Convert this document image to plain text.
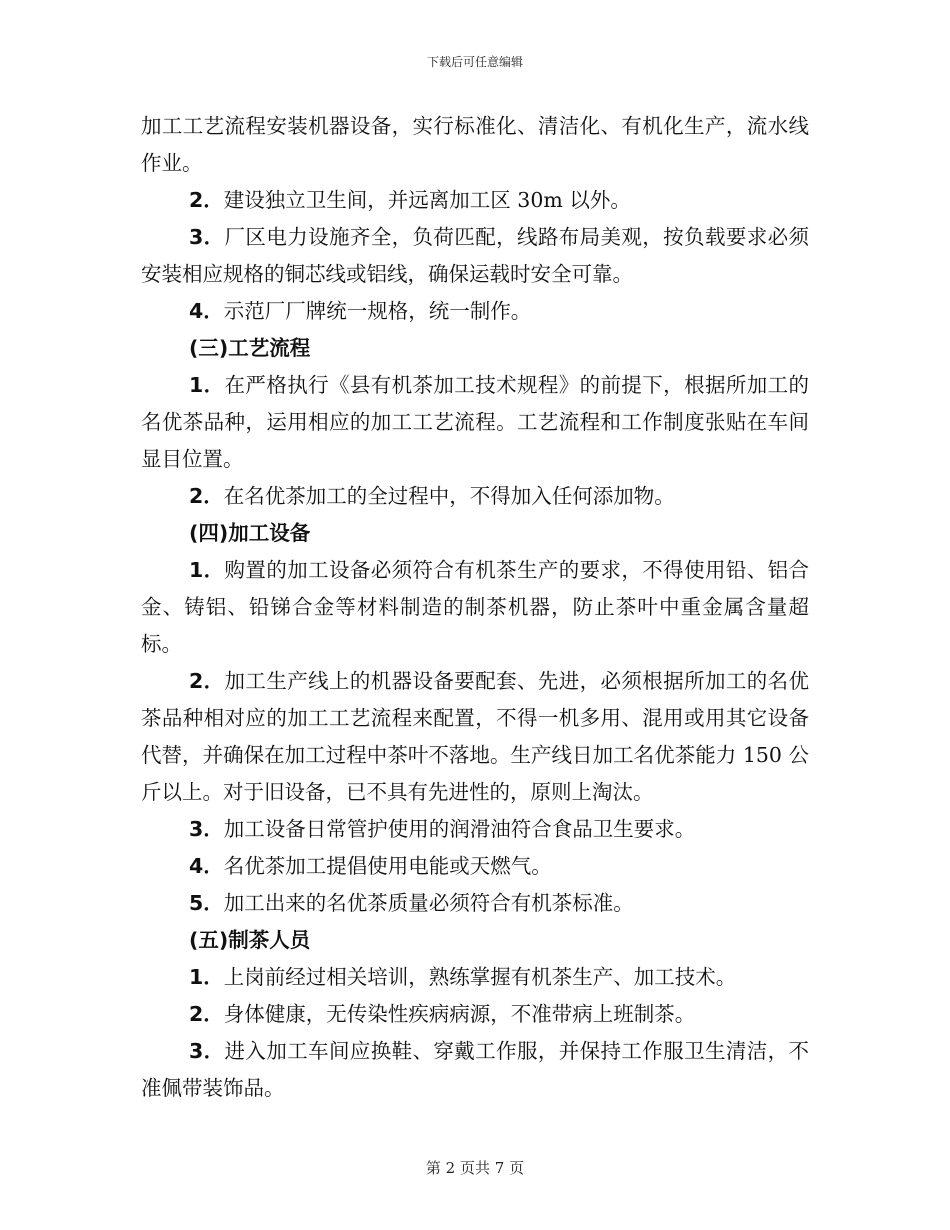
下载后可任意编辑

加工工艺流程安装机器设备，实行标准化、清洁化、有机化生产，流水线作业。

2．建设独立卫生间，并远离加工区 30m 以外。

3．厂区电力设施齐全，负荷匹配，线路布局美观，按负载要求必须安装相应规格的铜芯线或铝线，确保运载时安全可靠。

4．示范厂厂牌统一规格，统一制作。

(三)工艺流程

1．在严格执行《县有机茶加工技术规程》的前提下，根据所加工的名优茶品种，运用相应的加工工艺流程。工艺流程和工作制度张贴在车间显目位置。

2．在名优茶加工的全过程中，不得加入任何添加物。

(四)加工设备

1．购置的加工设备必须符合有机茶生产的要求，不得使用铅、铝合金、铸铝、铅锑合金等材料制造的制茶机器，防止茶叶中重金属含量超标。

2．加工生产线上的机器设备要配套、先进，必须根据所加工的名优茶品种相对应的加工工艺流程来配置，不得一机多用、混用或用其它设备代替，并确保在加工过程中茶叶不落地。生产线日加工名优茶能力 150 公斤以上。对于旧设备，已不具有先进性的，原则上淘汰。

3．加工设备日常管护使用的润滑油符合食品卫生要求。

4．名优茶加工提倡使用电能或天燃气。

5．加工出来的名优茶质量必须符合有机茶标准。

(五)制茶人员

1．上岗前经过相关培训，熟练掌握有机茶生产、加工技术。

2．身体健康，无传染性疾病病源，不准带病上班制茶。

3．进入加工车间应换鞋、穿戴工作服，并保持工作服卫生清洁，不准佩带装饰品。

第 2 页共 7 页
